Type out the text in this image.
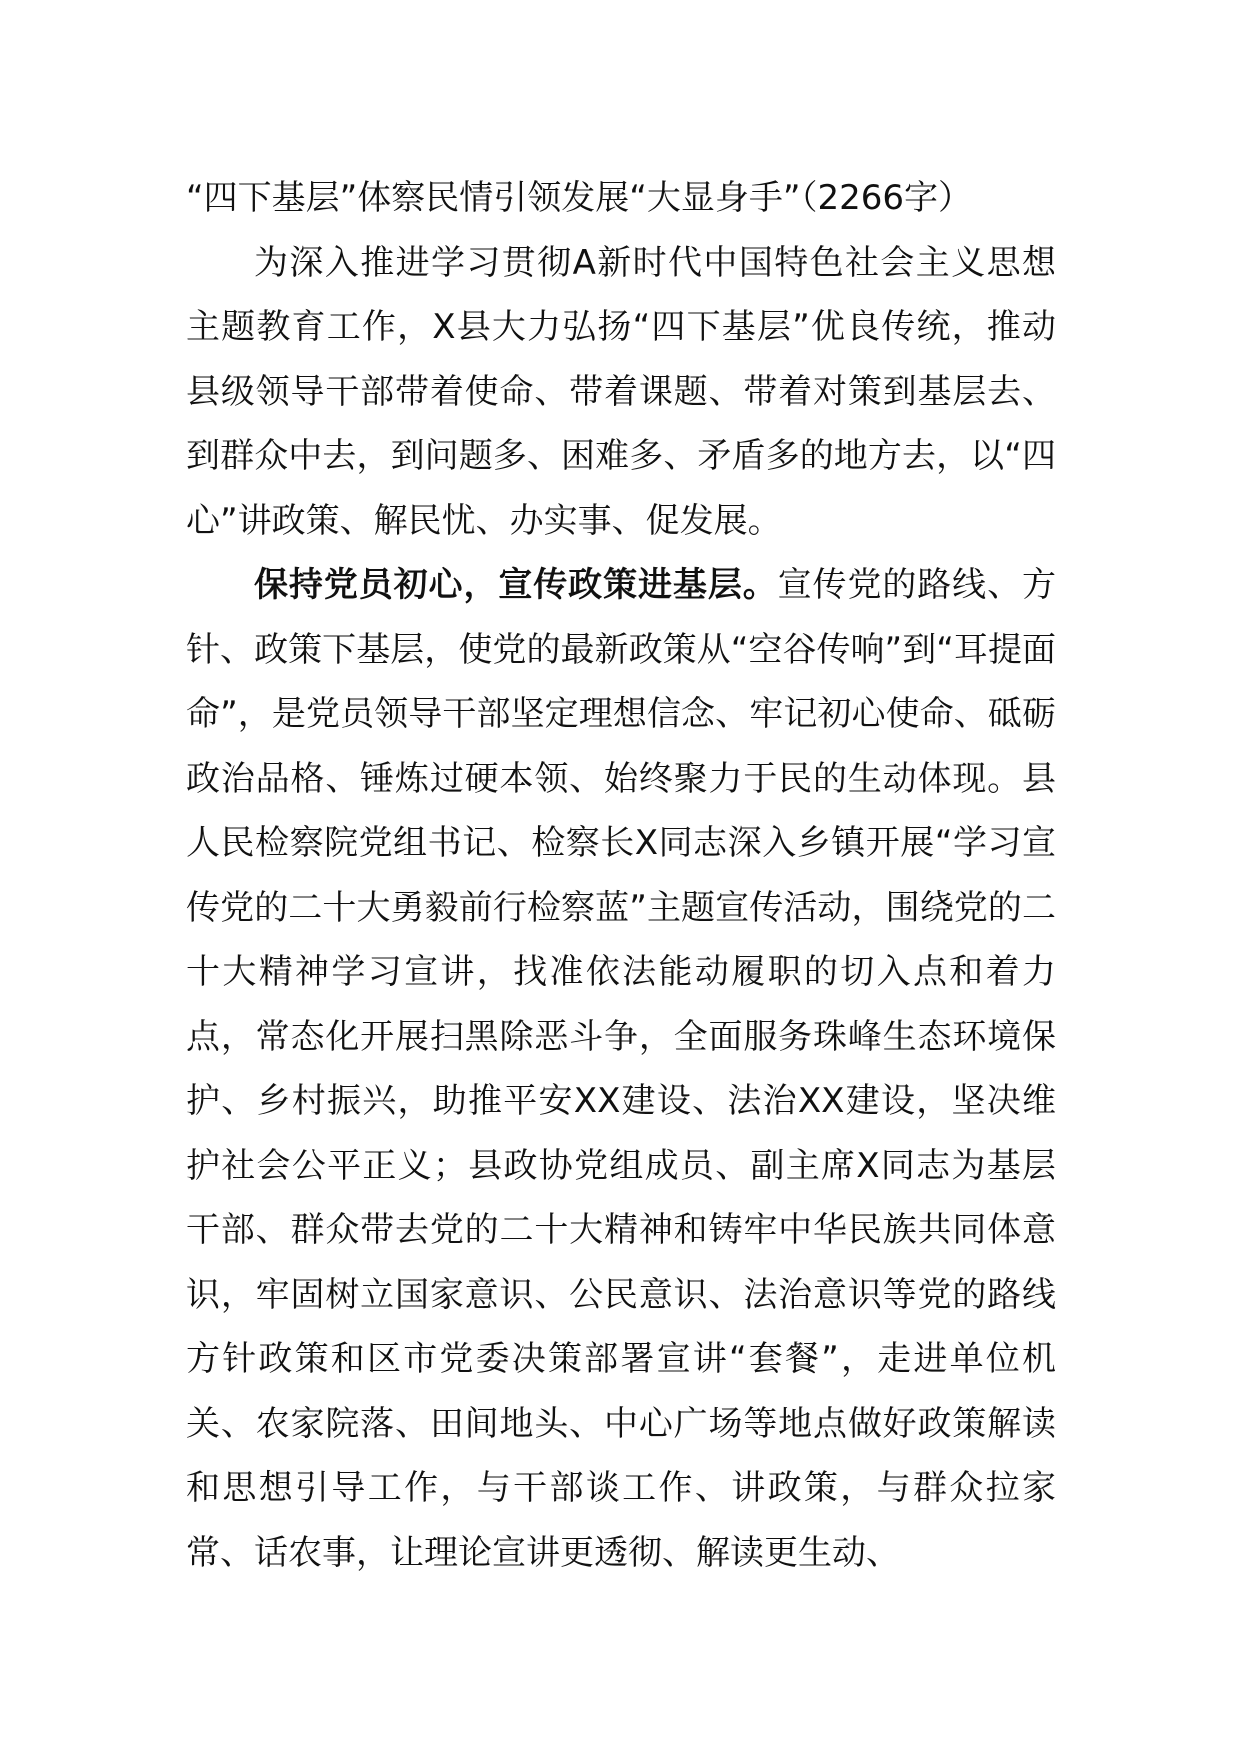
“四下基层”体察民情引领发展“大显身手”（2266字）

为深入推进学习贯彻A新时代中国特色社会主义思想主题教育工作，X县大力弘扬“四下基层”优良传统，推动县级领导干部带着使命、带着课题、带着对策到基层去、到群众中去，到问题多、困难多、矛盾多的地方去，以“四心”讲政策、解民忧、办实事、促发展。

保持党员初心，宣传政策进基层。宣传党的路线、方针、政策下基层，使党的最新政策从“空谷传响”到“耳提面命”，是党员领导干部坚定理想信念、牢记初心使命、砥砺政治品格、锤炼过硬本领、始终聚力于民的生动体现。县人民检察院党组书记、检察长X同志深入乡镇开展“学习宣传党的二十大勇毅前行检察蓝”主题宣传活动，围绕党的二十大精神学习宣讲，找准依法能动履职的切入点和着力点，常态化开展扫黑除恶斗争，全面服务珠峰生态环境保护、乡村振兴，助推平安XX建设、法治XX建设，坚决维护社会公平正义；县政协党组成员、副主席X同志为基层干部、群众带去党的二十大精神和铸牢中华民族共同体意识，牢固树立国家意识、公民意识、法治意识等党的路线方针政策和区市党委决策部署宣讲“套餐”，走进单位机关、农家院落、田间地头、中心广场等地点做好政策解读和思想引导工作，与干部谈工作、讲政策，与群众拉家常、话农事，让理论宣讲更透彻、解读更生动、
